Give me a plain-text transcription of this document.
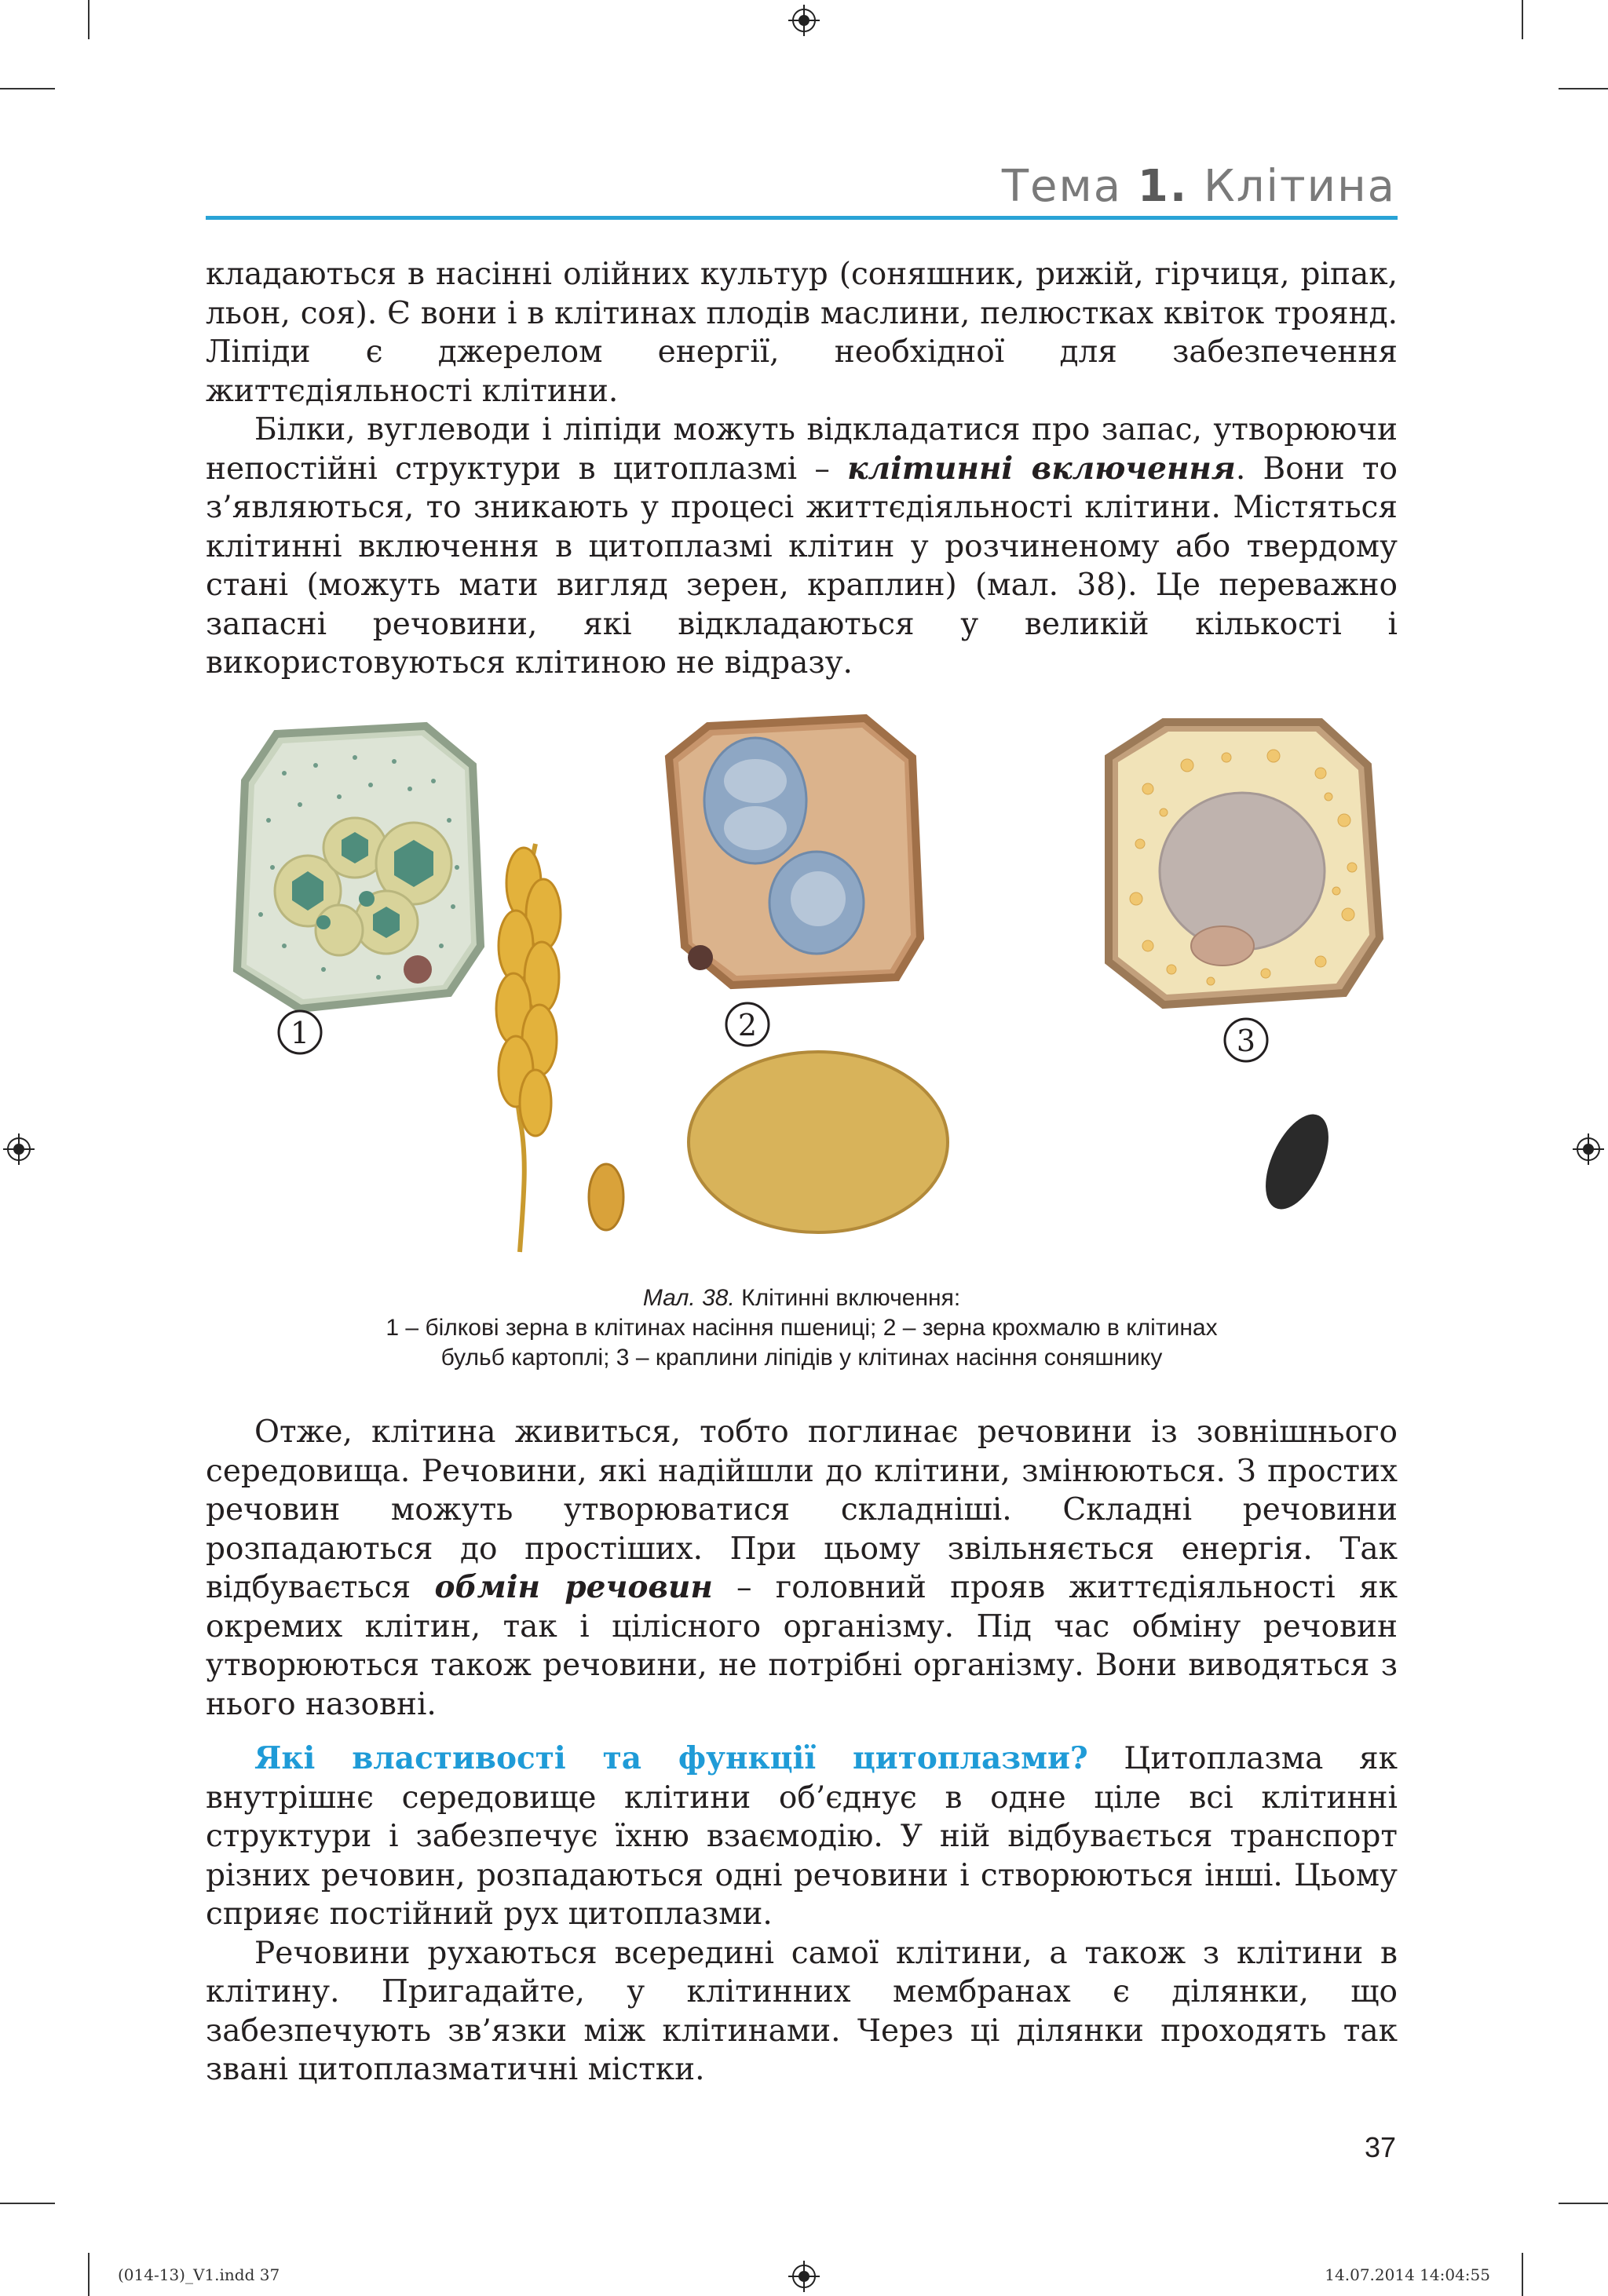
Тема 1. Клітина

кладаються в насінні олійних культур (соняшник, рижій, гірчиця, ріпак, льон, соя). Є вони і в клітинах плодів маслини, пелюстках квіток троянд. Ліпіди є джерелом енергії, необхідної для забезпечення життєдіяльності клітини.

Білки, вуглеводи і ліпіди можуть відкладатися про запас, утворюючи непостійні структури в цитоплазмі – клітинні включення. Вони то з’являються, то зникають у процесі життєдіяльності клітини. Містяться клітинні включення в цитоплазмі клітин у розчиненому або твердому стані (можуть мати вигляд зерен, краплин) (мал. 38). Це переважно запасні речовини, які відкладаються у великій кількості і використовуються клітиною не відразу.

1	2	3
Мал. 38. Клітинні включення:
1 – білкові зерна в клітинах насіння пшениці; 2 – зерна крохмалю в клітинах
бульб картоплі; 3 – краплини ліпідів у клітинах насіння соняшнику

Отже, клітина живиться, тобто поглинає речовини із зовнішнього середовища. Речовини, які надійшли до клітини, змінюються. З простих речовин можуть утворюватися складніші. Складні речовини розпадаються до простіших. При цьому звільняється енергія. Так відбувається обмін речовин – головний прояв життєдіяльності як окремих клітин, так і цілісного організму. Під час обміну речовин утворюються також речовини, не потрібні організму. Вони виводяться з нього назовні.

Які властивості та функції цитоплазми? Цитоплазма як внутрішнє середовище клітини об’єднує в одне ціле всі клітинні структури і забезпечує їхню взаємодію. У ній відбувається транспорт різних речовин, розпадаються одні речовини і створюються інші. Цьому сприяє постійний рух цитоплазми.

Речовини рухаються всередині самої клітини, а також з клітини в клітину. Пригадайте, у клітинних мембранах є ділянки, що забезпечують зв’язки між клітинами. Через ці ділянки проходять так звані цитоплазматичні містки.

37
(014-13)_V1.indd 37	14.07.2014 14:04:55
